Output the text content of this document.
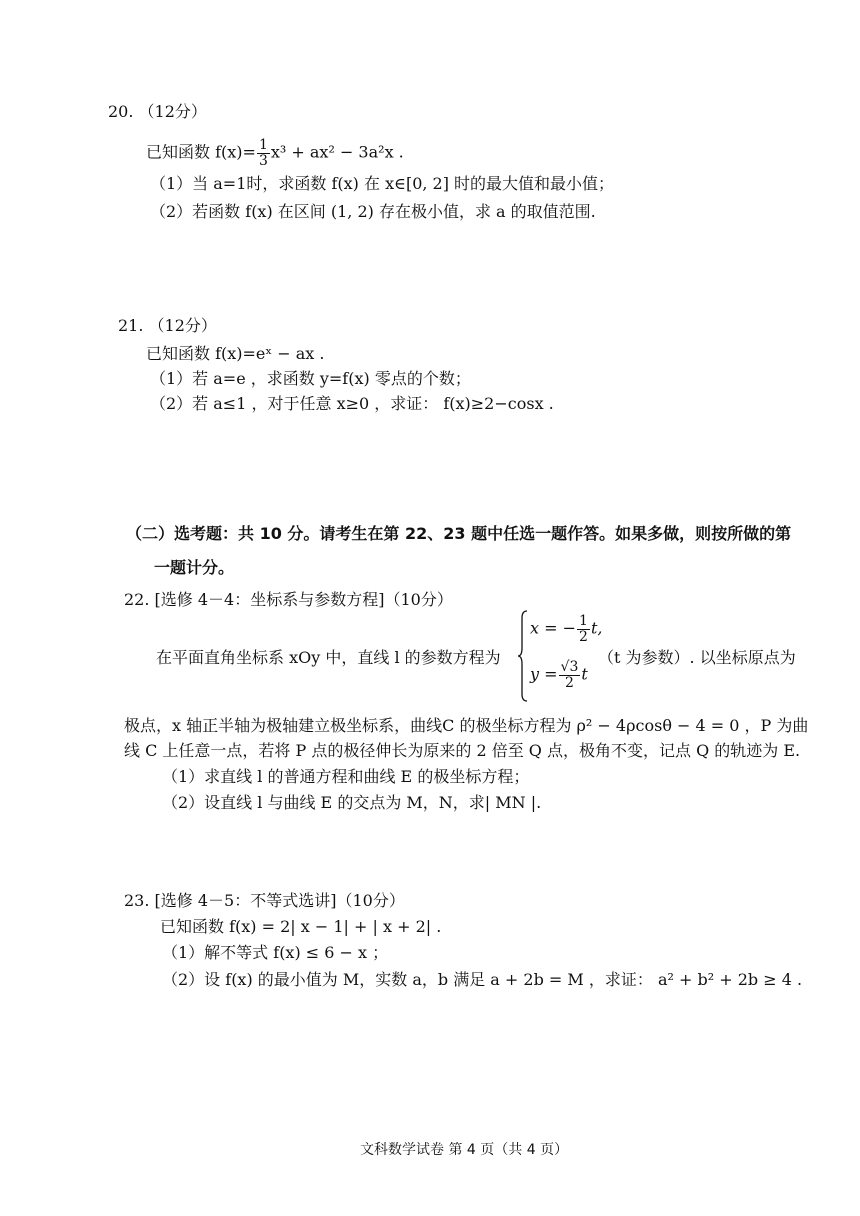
20. （12分）
已知函数 $f(x)= \frac{1}{3} x^3 + ax^2 - 3a^2x$ .
（1）当 a=1时，求函数 f(x) 在 x∈[0, 2] 时的最大值和最小值；
（2）若函数 f(x) 在区间 (1, 2) 存在极小值，求 a 的取值范围.
21. （12分）
已知函数 f(x)=eˣ − ax .
（1）若 a=e ，求函数 y=f(x) 零点的个数；
（2）若 a≤1 ，对于任意 x≥0 ，求证： f(x)≥2−cosx .
（二）选考题：共 10 分。请考生在第 22、23 题中任选一题作答。如果多做，则按所做的第
一题计分。
22. [选修 4－4：坐标系与参数方程]（10分）
在平面直角坐标系 xOy 中，直线 l 的参数方程为
x = − $\frac{1}{2} t$,
$y = \frac{√3}{2}$ t
（t 为参数）. 以坐标原点为
极点，x 轴正半轴为极轴建立极坐标系，曲线C 的极坐标方程为 ρ² − 4ρcosθ − 4 = 0 ，P 为曲
线 C 上任意一点，若将 P 点的极径伸长为原来的 2 倍至 Q 点，极角不变，记点 Q 的轨迹为 E.
（1）求直线 l 的普通方程和曲线 E 的极坐标方程；
（2）设直线 l 与曲线 E 的交点为 M，N，求| MN |.
23. [选修 4－5：不等式选讲]（10分）
已知函数 f(x) = 2| x − 1| + | x + 2| .
（1）解不等式 f(x) ≤ 6 − x ；
（2）设 f(x) 的最小值为 M，实数 a，b 满足 a + 2b = M ，求证： a² + b² + 2b ≥ 4 .
文科数学试卷 第 4 页（共 4 页）
